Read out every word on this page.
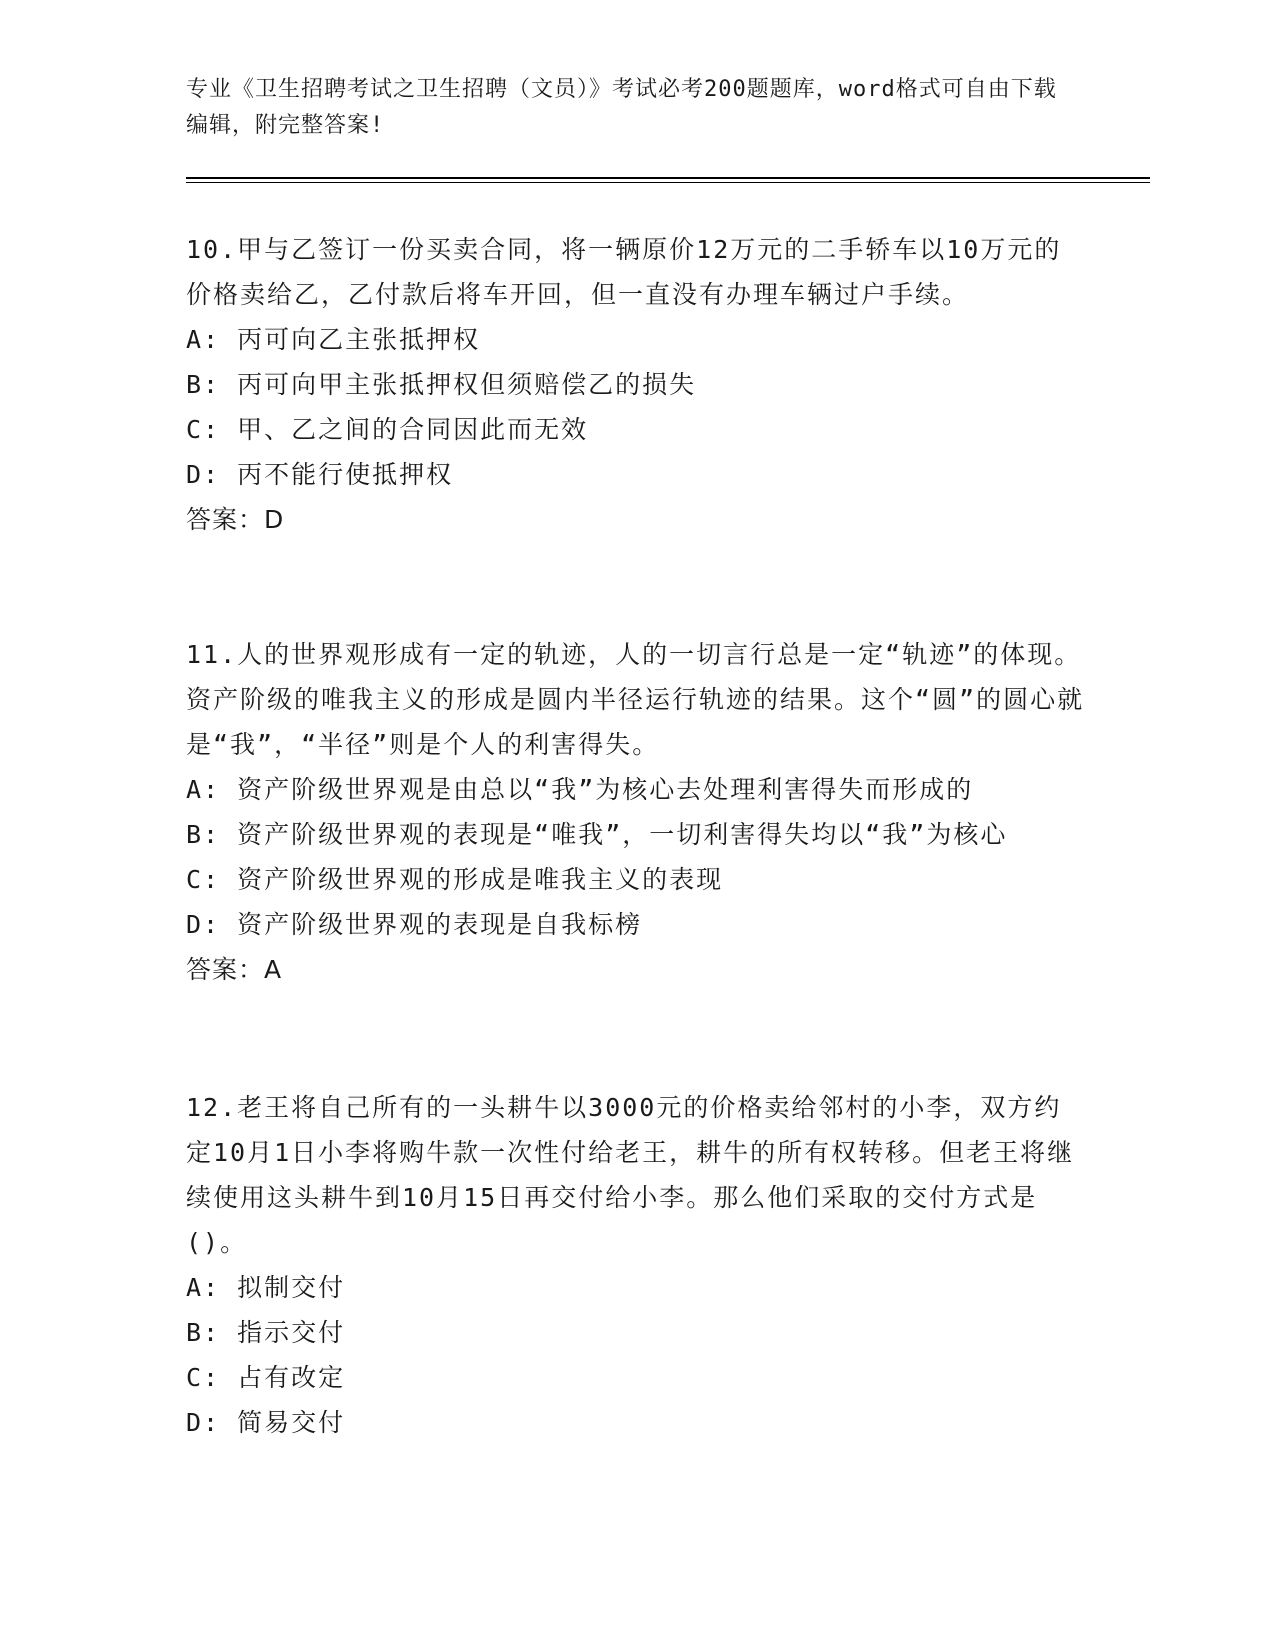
专业《卫生招聘考试之卫生招聘（文员）》考试必考200题题库，word格式可自由下载编辑，附完整答案!
10.甲与乙签订一份买卖合同，将一辆原价12万元的二手轿车以10万元的价格卖给乙，乙付款后将车开回，但一直没有办理车辆过户手续。
A: 丙可向乙主张抵押权
B: 丙可向甲主张抵押权但须赔偿乙的损失
C: 甲、乙之间的合同因此而无效
D: 丙不能行使抵押权
答案：D
11.人的世界观形成有一定的轨迹，人的一切言行总是一定“轨迹”的体现。资产阶级的唯我主义的形成是圆内半径运行轨迹的结果。这个“圆”的圆心就是“我”，“半径”则是个人的利害得失。
A: 资产阶级世界观是由总以“我”为核心去处理利害得失而形成的
B: 资产阶级世界观的表现是“唯我”，一切利害得失均以“我”为核心
C: 资产阶级世界观的形成是唯我主义的表现
D: 资产阶级世界观的表现是自我标榜
答案：A
12.老王将自己所有的一头耕牛以3000元的价格卖给邻村的小李，双方约定10月1日小李将购牛款一次性付给老王，耕牛的所有权转移。但老王将继续使用这头耕牛到10月15日再交付给小李。那么他们采取的交付方式是()。
A: 拟制交付
B: 指示交付
C: 占有改定
D: 简易交付
